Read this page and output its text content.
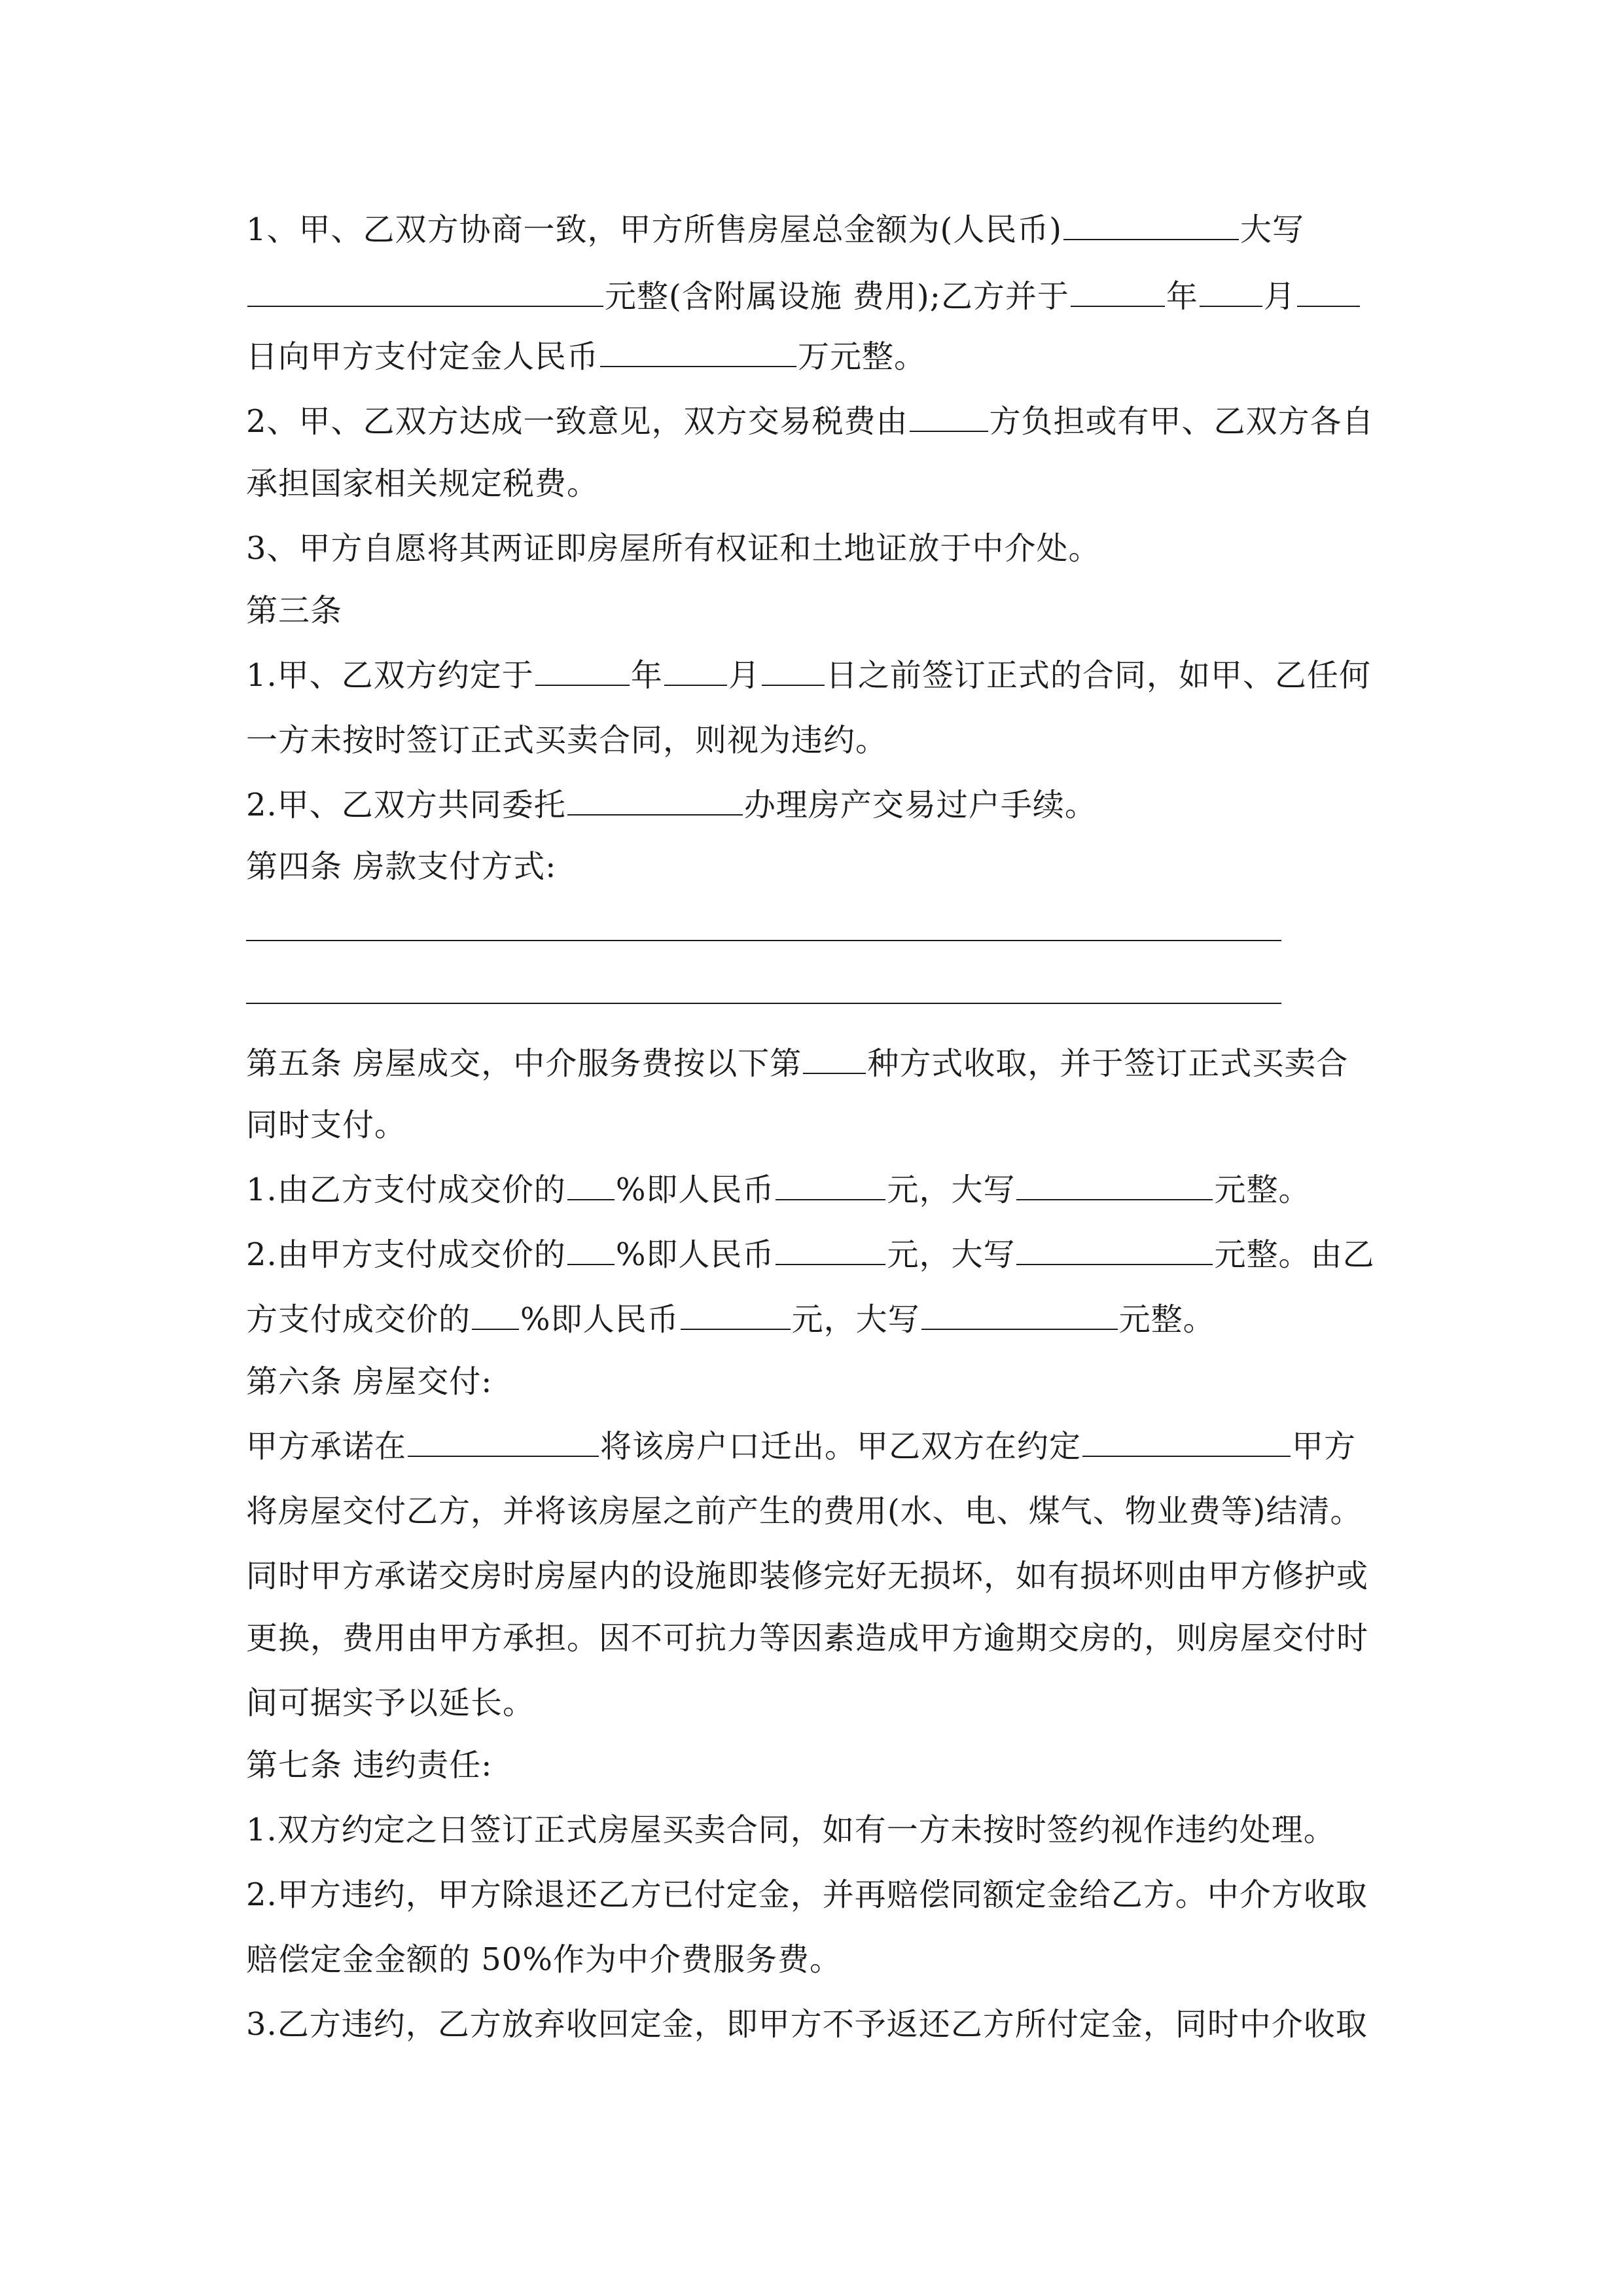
1、甲、乙双方协商一致，甲方所售房屋总金额为(人民币)	大写
元整(含附属设施 费用);乙方并于	年 月
日向甲方支付定金人民币	万元整。
2、甲、乙双方达成一致意见，双方交易税费由	方负担或有甲、乙双方各自
承担国家相关规定税费。
3、甲方自愿将其两证即房屋所有权证和土地证放于中介处。
第三条
1.甲、乙双方约定于	年 月 日之前签订正式的合同，如甲、乙任何
一方未按时签订正式买卖合同，则视为违约。
2.甲、乙双方共同委托	办理房产交易过户手续。
第四条 房款支付方式:
第五条 房屋成交，中介服务费按以下第 种方式收取，并于签订正式买卖合
同时支付。
1.由乙方支付成交价的 %即人民币	元，大写	元整。
2.由甲方支付成交价的 %即人民币	元，大写	元整。由乙
方支付成交价的 %即人民币	元，大写	元整。
第六条 房屋交付:
甲方承诺在	将该房户口迁出。甲乙双方在约定	甲方
将房屋交付乙方，并将该房屋之前产生的费用(水、电、煤气、物业费等)结清。
同时甲方承诺交房时房屋内的设施即装修完好无损坏，如有损坏则由甲方修护或
更换，费用由甲方承担。因不可抗力等因素造成甲方逾期交房的，则房屋交付时
间可据实予以延长。
第七条 违约责任:
1.双方约定之日签订正式房屋买卖合同，如有一方未按时签约视作违约处理。
2.甲方违约，甲方除退还乙方已付定金，并再赔偿同额定金给乙方。中介方收取
赔偿定金金额的 50%作为中介费服务费。
3.乙方违约，乙方放弃收回定金，即甲方不予返还乙方所付定金，同时中介收取
